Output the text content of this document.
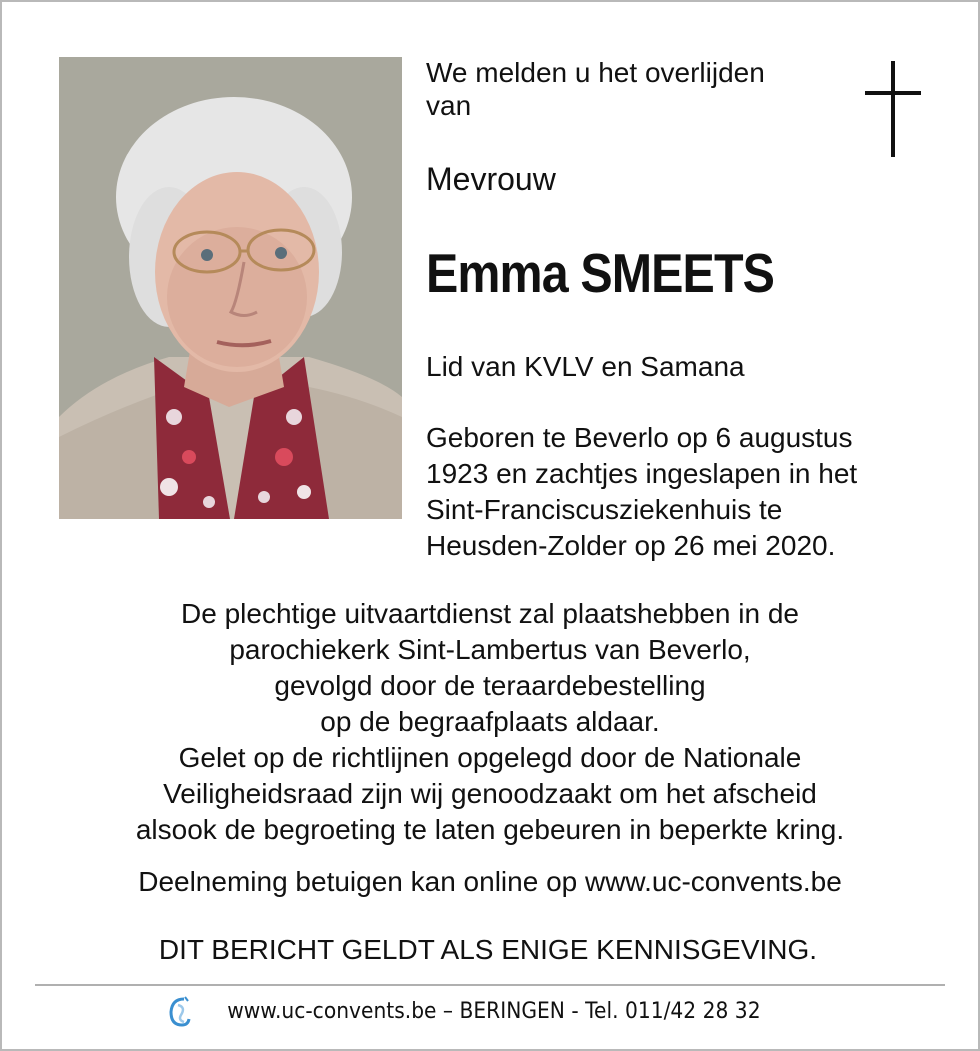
We melden u het overlijden
van
Mevrouw
Emma SMEETS
Lid van KVLV en Samana
Geboren te Beverlo op 6 augustus
1923 en zachtjes ingeslapen in het
Sint-Franciscusziekenhuis te
Heusden-Zolder op 26 mei 2020.
De plechtige uitvaartdienst zal plaatshebben in de
parochiekerk Sint-Lambertus van Beverlo,
gevolgd door de teraardebestelling
op de begraafplaats aldaar.
Gelet op de richtlijnen opgelegd door de Nationale
Veiligheidsraad zijn wij genoodzaakt om het afscheid
alsook de begroeting te laten gebeuren in beperkte kring.
Deelneming betuigen kan online op www.uc-convents.be
DIT BERICHT GELDT ALS ENIGE KENNISGEVING.
www.uc-convents.be – BERINGEN - Tel. 011/42 28 32
